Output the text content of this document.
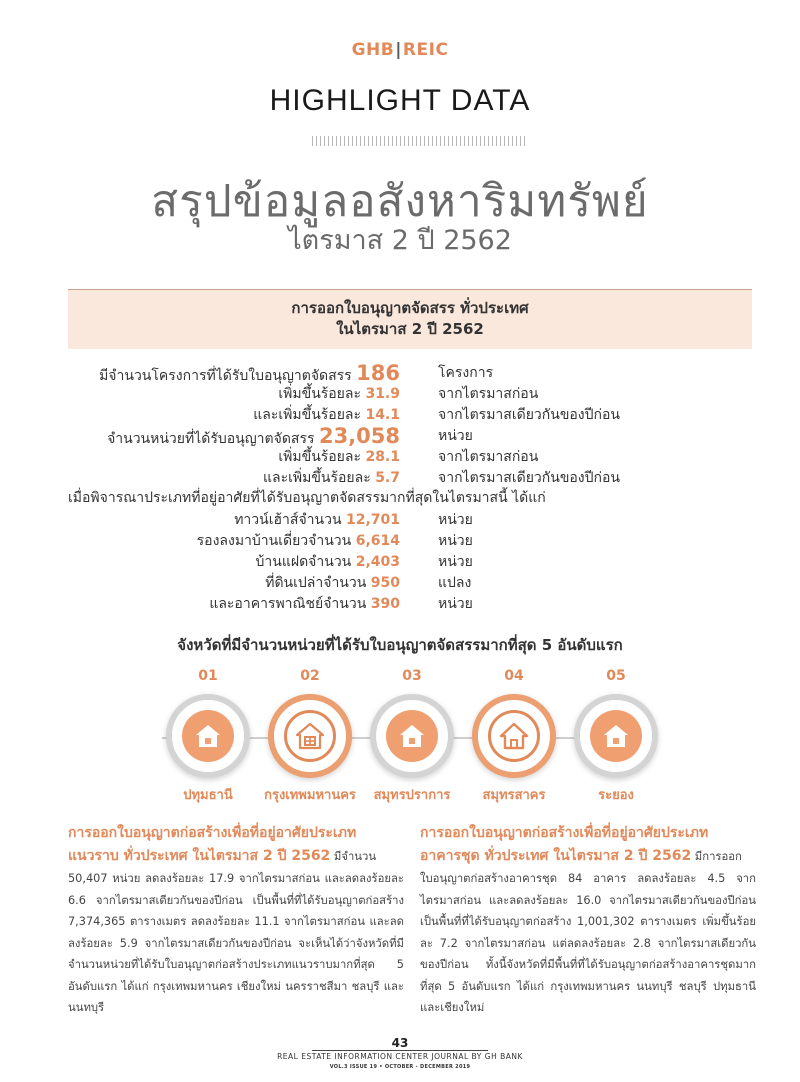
GHB|REIC
HIGHLIGHT DATA
สรุปข้อมูลอสังหาริมทรัพย์
ไตรมาส 2 ปี 2562
การออกใบอนุญาตจัดสรร ทั่วประเทศ
ในไตรมาส 2 ปี 2562
มีจำนวนโครงการที่ได้รับใบอนุญาตจัดสรร 186	โครงการ
เพิ่มขึ้นร้อยละ 31.9	จากไตรมาสก่อน
และเพิ่มขึ้นร้อยละ 14.1	จากไตรมาสเดียวกันของปีก่อน
จำนวนหน่วยที่ได้รับอนุญาตจัดสรร 23,058	หน่วย
เพิ่มขึ้นร้อยละ 28.1	จากไตรมาสก่อน
และเพิ่มขึ้นร้อยละ 5.7	จากไตรมาสเดียวกันของปีก่อน
เมื่อพิจารณาประเภทที่อยู่อาศัยที่ได้รับอนุญาตจัดสรรมากที่สุดในไตรมาสนี้ ได้แก่
ทาวน์เฮ้าส์จำนวน 12,701	หน่วย
รองลงมาบ้านเดี่ยวจำนวน 6,614	หน่วย
บ้านแฝดจำนวน 2,403	หน่วย
ที่ดินเปล่าจำนวน 950	แปลง
และอาคารพาณิชย์จำนวน 390	หน่วย
จังหวัดที่มีจำนวนหน่วยที่ได้รับใบอนุญาตจัดสรรมากที่สุด 5 อันดับแรก
01
ปทุมธานี
02
กรุงเทพมหานคร
03
สมุทรปราการ
04
สมุทรสาคร
05
ระยอง
การออกใบอนุญาตก่อสร้างเพื่อที่อยู่อาศัยประเภท
แนวราบ ทั่วประเทศ ในไตรมาส 2 ปี 2562 มีจำนวน

50,407 หน่วย ลดลงร้อยละ 17.9 จากไตรมาสก่อน และลดลงร้อยละ 6.6 จากไตรมาสเดียวกันของปีก่อน เป็นพื้นที่ที่ได้รับอนุญาตก่อสร้าง 7,374,365 ตารางเมตร ลดลงร้อยละ 11.1 จากไตรมาสก่อน และลดลงร้อยละ 5.9 จากไตรมาสเดียวกันของปีก่อน จะเห็นได้ว่าจังหวัดที่มีจำนวนหน่วยที่ได้รับใบอนุญาตก่อสร้างประเภทแนวราบมากที่สุด 5 อันดับแรก ได้แก่ กรุงเทพมหานคร เชียงใหม่ นครราชสีมา ชลบุรี และนนทบุรี

การออกใบอนุญาตก่อสร้างเพื่อที่อยู่อาศัยประเภท
อาคารชุด ทั่วประเทศ ในไตรมาส 2 ปี 2562 มีการออก

ใบอนุญาตก่อสร้างอาคารชุด 84 อาคาร ลดลงร้อยละ 4.5 จากไตรมาสก่อน และลดลงร้อยละ 16.0 จากไตรมาสเดียวกันของปีก่อน เป็นพื้นที่ที่ได้รับอนุญาตก่อสร้าง 1,001,302 ตารางเมตร เพิ่มขึ้นร้อยละ 7.2 จากไตรมาสก่อน แต่ลดลงร้อยละ 2.8 จากไตรมาสเดียวกันของปีก่อน ทั้งนี้จังหวัดที่มีพื้นที่ที่ได้รับอนุญาตก่อสร้างอาคารชุดมากที่สุด 5 อันดับแรก ได้แก่ กรุงเทพมหานคร นนทบุรี ชลบุรี ปทุมธานี และเชียงใหม่

43
REAL ESTATE INFORMATION CENTER JOURNAL BY GH BANK
VOL.3 ISSUE 19 • OCTOBER - DECEMBER 2019
